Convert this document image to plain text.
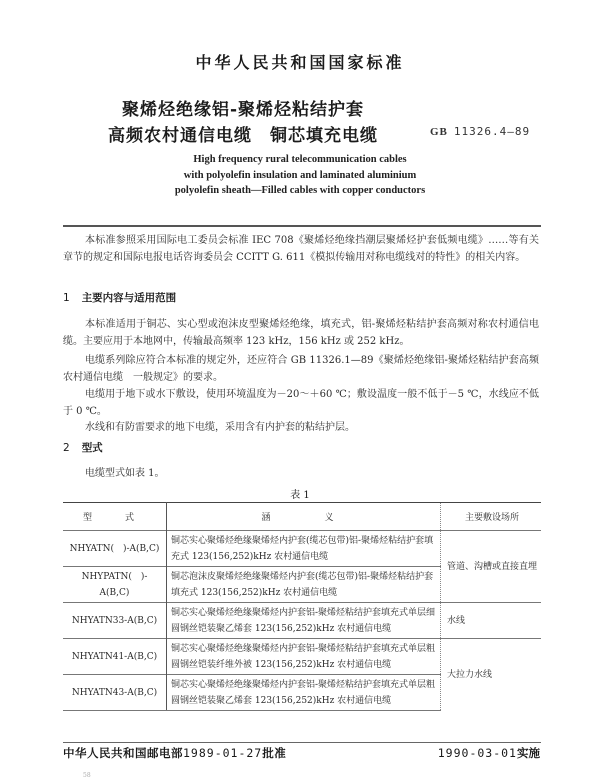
中华人民共和国国家标准
聚烯烃绝缘铝-聚烯烃粘结护套
高频农村通信电缆　铜芯填充电缆	GB 11326.4—89
High frequency rural telecommunication cables
with polyolefin insulation and laminated aluminium
polyolefin sheath—Filled cables with copper conductors
本标准参照采用国际电工委员会标准 IEC 708《聚烯烃绝缘挡潮层聚烯烃护套低频电缆》……等有关章节的规定和国际电报电话咨询委员会 CCITT G. 611《模拟传输用对称电缆线对的特性》的相关内容。
1 主要内容与适用范围
本标准适用于铜芯、实心型或泡沫皮型聚烯烃绝缘，填充式，铝-聚烯烃粘结护套高频对称农村通信电缆。主要应用于本地网中，传输最高频率 123 kHz，156 kHz 或 252 kHz。
电缆系列除应符合本标准的规定外，还应符合 GB 11326.1—89《聚烯烃绝缘铝-聚烯烃粘结护套高频农村通信电缆　一般规定》的要求。
电缆用于地下或水下敷设，使用环境温度为－20～＋60 ℃；敷设温度一般不低于－5 ℃，水线应不低于 0 ℃。
水线和有防雷要求的地下电缆，采用含有内护套的粘结护层。
2 型式
电缆型式如表 1。
表 1
型　式	涵　　义	主要敷设场所
NHYATN(　)-A(B,C)	铜芯实心聚烯烃绝缘聚烯烃内护套(缆芯包带)铝-聚烯烃粘结护套填充式 123(156,252)kHz 农村通信电缆	管道、沟槽或直接直埋
NHYPATN(　)-A(B,C)	铜芯泡沫皮聚烯烃绝缘聚烯烃内护套(缆芯包带)铝-聚烯烃粘结护套填充式 123(156,252)kHz 农村通信电缆	
NHYATN33-A(B,C)	铜芯实心聚烯烃绝缘聚烯烃内护套铝-聚烯烃粘结护套填充式单层细圆钢丝铠装聚乙烯套 123(156,252)kHz 农村通信电缆	水线
NHYATN41-A(B,C)	铜芯实心聚烯烃绝缘聚烯烃内护套铝-聚烯烃粘结护套填充式单层粗圆钢丝铠装纤维外被 123(156,252)kHz 农村通信电缆	大拉力水线
NHYATN43-A(B,C)	铜芯实心聚烯烃绝缘聚烯烃内护套铝-聚烯烃粘结护套填充式单层粗圆钢丝铠装聚乙烯套 123(156,252)kHz 农村通信电缆	
中华人民共和国邮电部1989-01-27批准	1990-03-01实施
58
